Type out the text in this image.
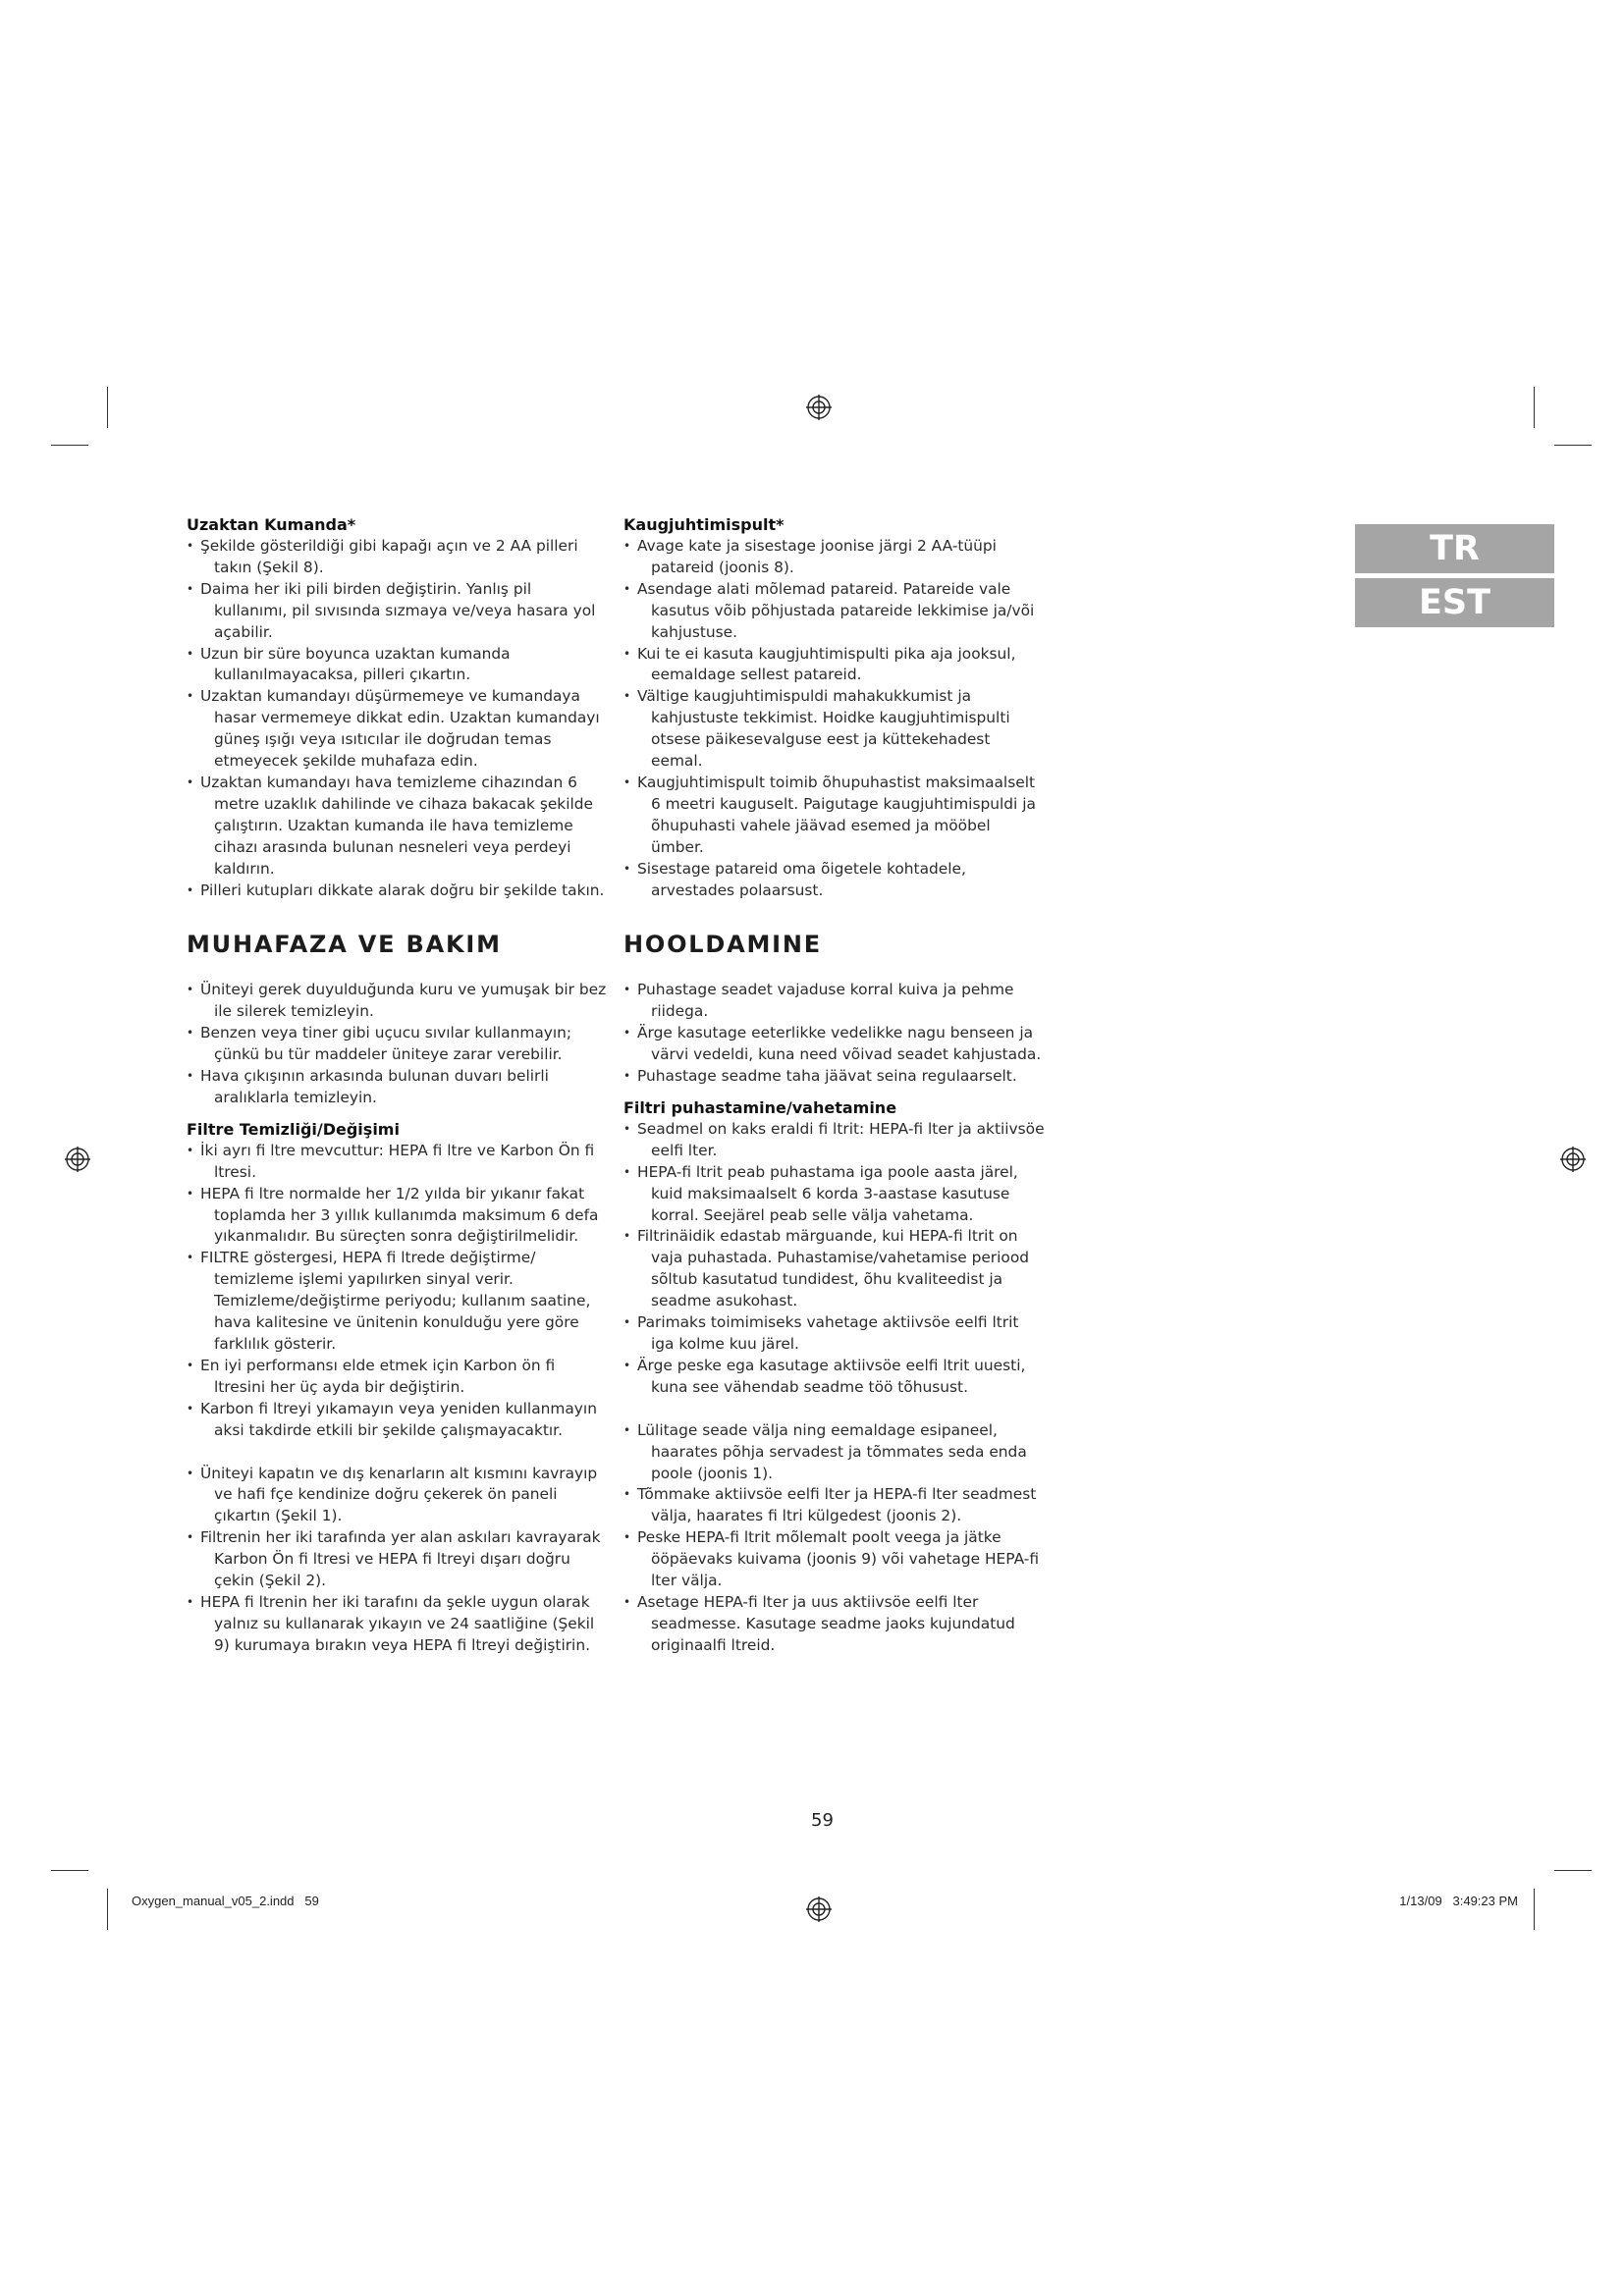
TR
EST
Uzaktan Kumanda*
• Şekilde gösterildiği gibi kapağı açın ve 2 AA pilleri takın (Şekil 8).
• Daima her iki pili birden değiştirin. Yanlış pil kullanımı, pil sıvısında sızmaya ve/veya hasara yol açabilir.
• Uzun bir süre boyunca uzaktan kumanda kullanılmayacaksa, pilleri çıkartın.
• Uzaktan kumandayı düşürmemeye ve kumandaya hasar vermemeye dikkat edin. Uzaktan kumandayı güneş ışığı veya ısıtıcılar ile doğrudan temas etmeyecek şekilde muhafaza edin.
• Uzaktan kumandayı hava temizleme cihazından 6 metre uzaklık dahilinde ve cihaza bakacak şekilde çalıştırın. Uzaktan kumanda ile hava temizleme cihazı arasında bulunan nesneleri veya perdeyi kaldırın.
• Pilleri kutupları dikkate alarak doğru bir şekilde takın.
MUHAFAZA VE BAKIM
• Üniteyi gerek duyulduğunda kuru ve yumuşak bir bez ile silerek temizleyin.
• Benzen veya tiner gibi uçucu sıvılar kullanmayın; çünkü bu tür maddeler üniteye zarar verebilir.
• Hava çıkışının arkasında bulunan duvarı belirli aralıklarla temizleyin.
Filtre Temizliği/Değişimi
• İki ayrı fi ltre mevcuttur: HEPA fi ltre ve Karbon Ön fi ltresi.
• HEPA fi ltre normalde her 1/2 yılda bir yıkanır fakat toplamda her 3 yıllık kullanımda maksimum 6 defa yıkanmalıdır. Bu süreçten sonra değiştirilmelidir.
• FILTRE göstergesi, HEPA fi ltrede değiştirme/ temizleme işlemi yapılırken sinyal verir. Temizleme/değiştirme periyodu; kullanım saatine, hava kalitesine ve ünitenin konulduğu yere göre farklılık gösterir.
• En iyi performansı elde etmek için Karbon ön fi ltresini her üç ayda bir değiştirin.
• Karbon fi ltreyi yıkamayın veya yeniden kullanmayın aksi takdirde etkili bir şekilde çalışmayacaktır.
• Üniteyi kapatın ve dış kenarların alt kısmını kavrayıp ve hafi fçe kendinize doğru çekerek ön paneli çıkartın (Şekil 1).
• Filtrenin her iki tarafında yer alan askıları kavrayarak Karbon Ön fi ltresi ve HEPA fi ltreyi dışarı doğru çekin (Şekil 2).
• HEPA fi ltrenin her iki tarafını da şekle uygun olarak yalnız su kullanarak yıkayın ve 24 saatliğine (Şekil 9) kurumaya bırakın veya HEPA fi ltreyi değiştirin.
Kaugjuhtimispult*
• Avage kate ja sisestage joonise järgi 2 AA-tüüpi patareid (joonis 8).
• Asendage alati mõlemad patareid. Patareide vale kasutus võib põhjustada patareide lekkimise ja/või kahjustuse.
• Kui te ei kasuta kaugjuhtimispulti pika aja jooksul, eemaldage sellest patareid.
• Vältige kaugjuhtimispuldi mahakukkumist ja kahjustuste tekkimist. Hoidke kaugjuhtimispulti otsese päikesevalguse eest ja küttekehadest eemal.
• Kaugjuhtimispult toimib õhupuhastist maksimaalselt 6 meetri kauguselt. Paigutage kaugjuhtimispuldi ja õhupuhasti vahele jäävad esemed ja mööbel ümber.
• Sisestage patareid oma õigetele kohtadele, arvestades polaarsust.
HOOLDAMINE
• Puhastage seadet vajaduse korral kuiva ja pehme riidega.
• Ärge kasutage eeterlikke vedelikke nagu benseen ja värvi vedeldi, kuna need võivad seadet kahjustada.
• Puhastage seadme taha jäävat seina regulaarselt.
Filtri puhastamine/vahetamine
• Seadmel on kaks eraldi fi ltrit: HEPA-fi lter ja aktiivsöe eelfi lter.
• HEPA-fi ltrit peab puhastama iga poole aasta järel, kuid maksimaalselt 6 korda 3-aastase kasutuse korral. Seejärel peab selle välja vahetama.
• Filtrinäidik edastab märguande, kui HEPA-fi ltrit on vaja puhastada. Puhastamise/vahetamise periood sõltub kasutatud tundidest, õhu kvaliteedist ja seadme asukohast.
• Parimaks toimimiseks vahetage aktiivsöe eelfi ltrit iga kolme kuu järel.
• Ärge peske ega kasutage aktiivsöe eelfi ltrit uuesti, kuna see vähendab seadme töö tõhusust.
• Lülitage seade välja ning eemaldage esipaneel, haarates põhja servadest ja tõmmates seda enda poole (joonis 1).
• Tõmmake aktiivsöe eelfi lter ja HEPA-fi lter seadmest välja, haarates fi ltri külgedest (joonis 2).
• Peske HEPA-fi ltrit mõlemalt poolt veega ja jätke ööpäevaks kuivama (joonis 9) või vahetage HEPA-fi lter välja.
• Asetage HEPA-fi lter ja uus aktiivsöe eelfi lter seadmesse. Kasutage seadme jaoks kujundatud originaalfi ltreid.
59
Oxygen_manual_v05_2.indd   59	1/13/09   3:49:23 PM
